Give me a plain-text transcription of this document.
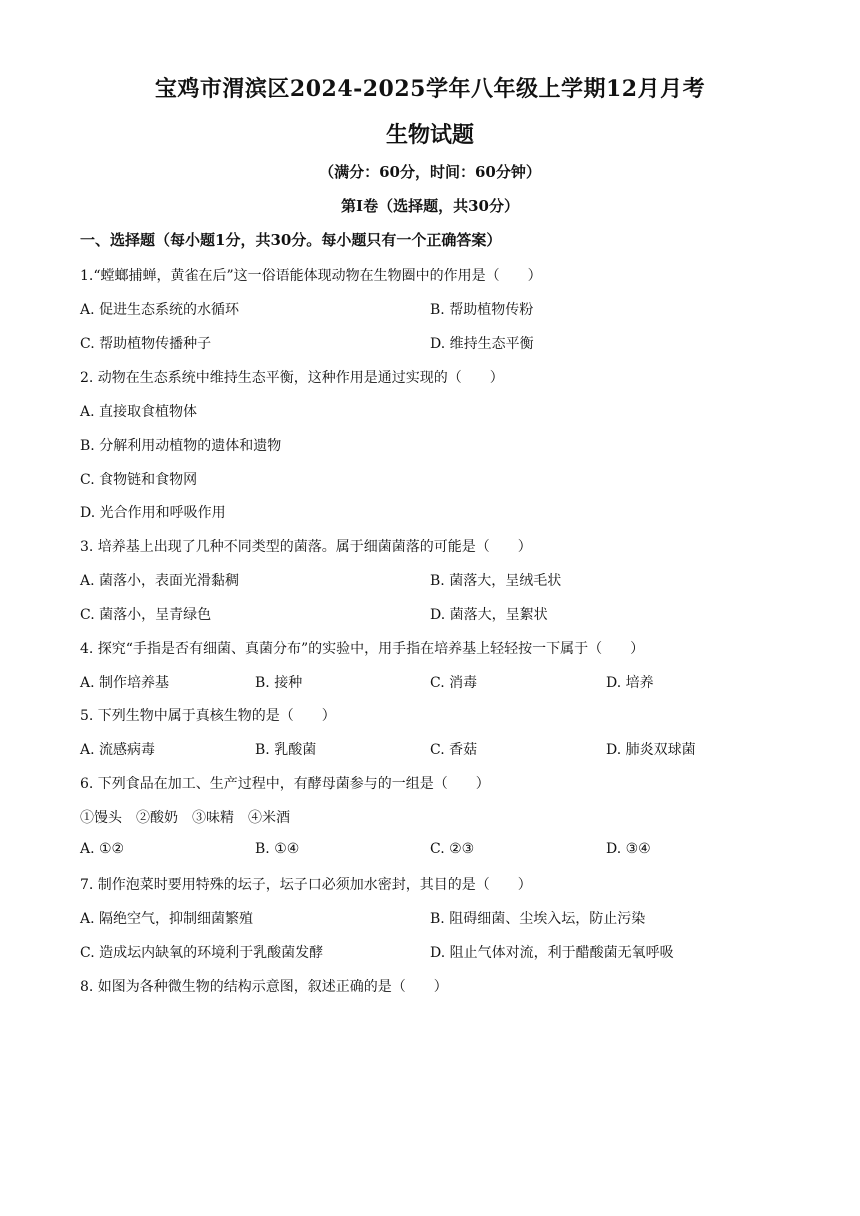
宝鸡市渭滨区2024-2025学年八年级上学期12月月考
生物试题
（满分：60分，时间：60分钟）
第Ⅰ卷（选择题，共30分）
一、选择题（每小题1分，共30分。每小题只有一个正确答案）
1.“螳螂捕蝉，黄雀在后”这一俗语能体现动物在生物圈中的作用是（　　）
A. 促进生态系统的水循环	B. 帮助植物传粉
C. 帮助植物传播种子	D. 维持生态平衡
2. 动物在生态系统中维持生态平衡，这种作用是通过实现的（　　）
A. 直接取食植物体
B. 分解利用动植物的遗体和遗物
C. 食物链和食物网
D. 光合作用和呼吸作用
3. 培养基上出现了几种不同类型的菌落。属于细菌菌落的可能是（　　）
A. 菌落小，表面光滑黏稠	B. 菌落大，呈绒毛状
C. 菌落小，呈青绿色	D. 菌落大，呈絮状
4. 探究“手指是否有细菌、真菌分布”的实验中，用手指在培养基上轻轻按一下属于（　　）
A. 制作培养基	B. 接种	C. 消毒	D. 培养
5. 下列生物中属于真核生物的是（　　）
A. 流感病毒	B. 乳酸菌	C. 香菇	D. 肺炎双球菌
6. 下列食品在加工、生产过程中，有酵母菌参与的一组是（　　）
①馒头　②酸奶　③味精　④米酒
A. ①②	B. ①④	C. ②③	D. ③④
7. 制作泡菜时要用特殊的坛子，坛子口必须加水密封，其目的是（　　）
A. 隔绝空气，抑制细菌繁殖	B. 阻碍细菌、尘埃入坛，防止污染
C. 造成坛内缺氧的环境利于乳酸菌发酵	D. 阻止气体对流，利于醋酸菌无氧呼吸
8. 如图为各种微生物的结构示意图，叙述正确的是（　　）
